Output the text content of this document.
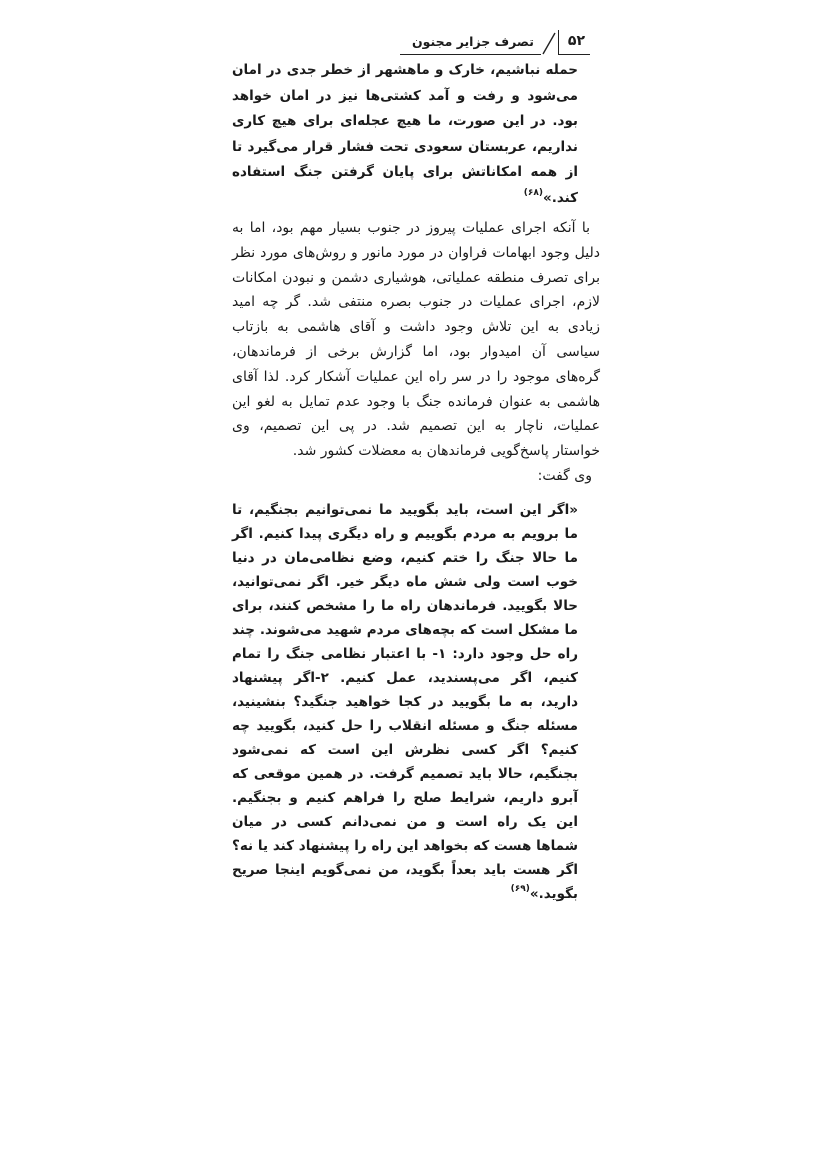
۵۲
تصرف جزایر مجنون

حمله نباشیم، خارک و ماهشهر از خطر جدی در امان می‌شود و رفت و آمد کشتی‌ها نیز در امان خواهد بود. در این صورت، ما هیچ عجله‌ای برای هیچ کاری نداریم، عربستان سعودی تحت فشار قرار می‌گیرد تا از همه امکاناتش برای پایان گرفتن جنگ استفاده کند.»$^{(۶۸)}$

با آنکه اجرای عملیات پیروز در جنوب بسیار مهم بود، اما به دلیل وجود ابهامات فراوان در مورد مانور و روش‌های مورد نظر برای تصرف منطقه عملیاتی، هوشیاری دشمن و نبودن امکانات لازم، اجرای عملیات در جنوب بصره منتفی شد. گر چه امید زیادی به این تلاش وجود داشت و آقای هاشمی به بازتاب سیاسی آن امیدوار بود، اما گزارش برخی از فرماندهان، گره‌های موجود را در سر راه این عملیات آشکار کرد. لذا آقای هاشمی به عنوان فرمانده جنگ با وجود عدم تمایل به لغو این عملیات، ناچار به این تصمیم شد. در پی این تصمیم، وی خواستار پاسخ‌گویی فرماندهان به معضلات کشور شد.

وی گفت:

«اگر این است، باید بگویید ما نمی‌توانیم بجنگیم، تا ما برویم به مردم بگوییم و راه دیگری پیدا کنیم. اگر ما حالا جنگ را ختم کنیم، وضع نظامی‌مان در دنیا خوب است ولی شش ماه دیگر خیر. اگر نمی‌توانید، حالا بگویید. فرماندهان راه ما را مشخص کنند، برای ما مشکل است که بچه‌های مردم شهید می‌شوند. چند راه حل وجود دارد: ۱- با اعتبار نظامی جنگ را تمام کنیم، اگر می‌پسندید، عمل کنیم. ۲-اگر پیشنهاد دارید، به ما بگویید در کجا خواهید جنگید؟ بنشینید، مسئله جنگ و مسئله انقلاب را حل کنید، بگویید چه کنیم؟ اگر کسی نظرش این است که نمی‌شود بجنگیم، حالا باید تصمیم گرفت. در همین موقعی که آبرو داریم، شرایط صلح را فراهم کنیم و بجنگیم. این یک راه است و من نمی‌دانم کسی در میان شماها هست که بخواهد این راه را پیشنهاد کند یا نه؟ اگر هست باید بعداً بگوید، من نمی‌گویم اینجا صریح بگوید.»$^{(۶۹)}$
